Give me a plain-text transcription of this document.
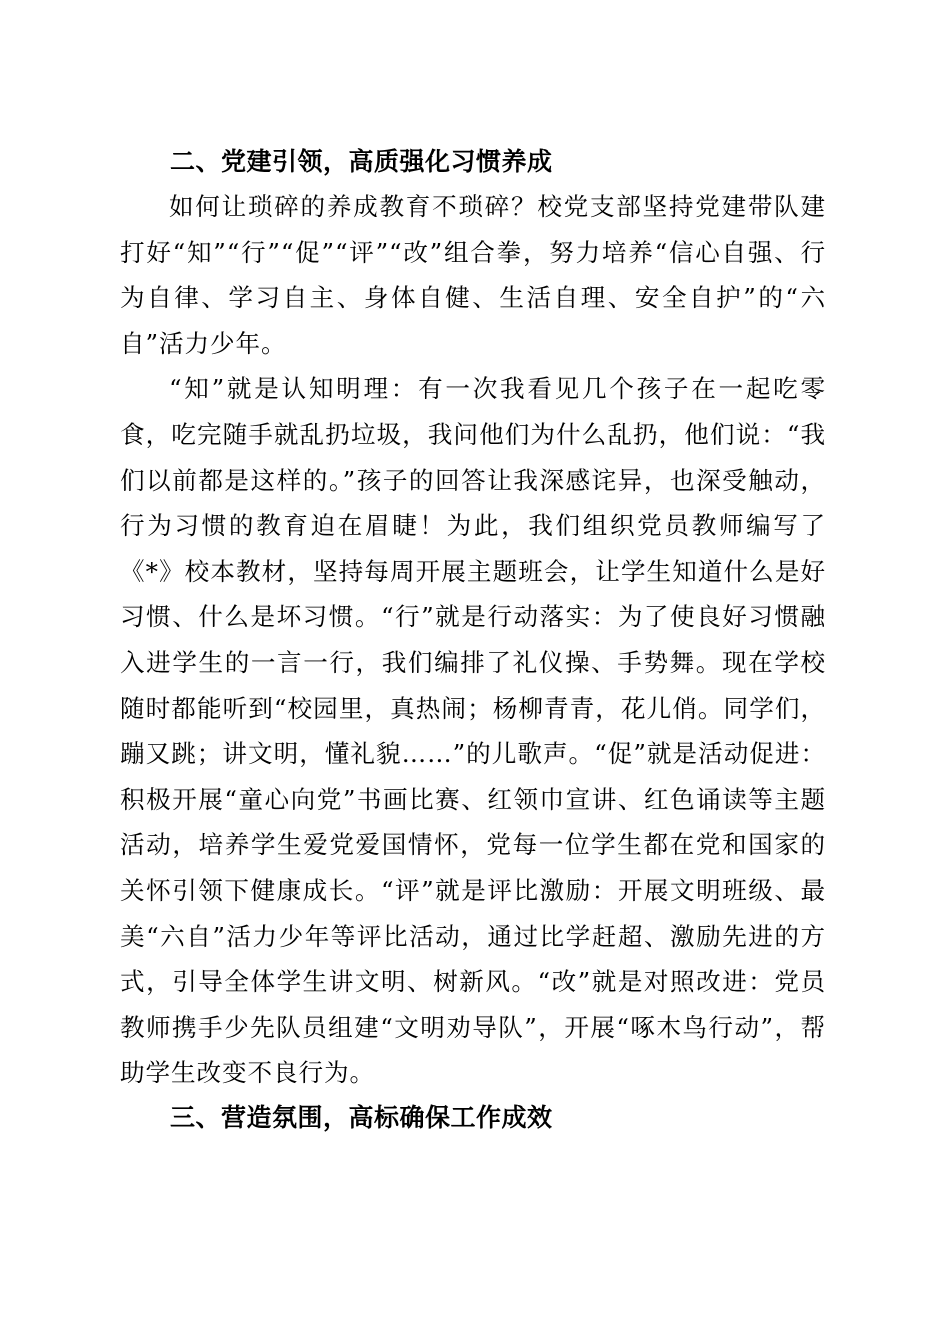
二、党建引领，高质强化习惯养成

如何让琐碎的养成教育不琐碎？校党支部坚持党建带队建打好“知”“行”“促”“评”“改”组合拳，努力培养“信心自强、行为自律、学习自主、身体自健、生活自理、安全自护”的“六自”活力少年。

“知”就是认知明理：有一次我看见几个孩子在一起吃零食，吃完随手就乱扔垃圾，我问他们为什么乱扔，他们说：“我们以前都是这样的。”孩子的回答让我深感诧异，也深受触动，行为习惯的教育迫在眉睫！为此，我们组织党员教师编写了《*》校本教材，坚持每周开展主题班会，让学生知道什么是好习惯、什么是坏习惯。“行”就是行动落实：为了使良好习惯融入进学生的一言一行，我们编排了礼仪操、手势舞。现在学校随时都能听到“校园里，真热闹；杨柳青青，花儿俏。同学们，蹦又跳；讲文明，懂礼貌……”的儿歌声。“促”就是活动促进：积极开展“童心向党”书画比赛、红领巾宣讲、红色诵读等主题活动，培养学生爱党爱国情怀，党每一位学生都在党和国家的关怀引领下健康成长。“评”就是评比激励：开展文明班级、最美“六自”活力少年等评比活动，通过比学赶超、激励先进的方式，引导全体学生讲文明、树新风。“改”就是对照改进：党员教师携手少先队员组建“文明劝导队”，开展“啄木鸟行动”，帮助学生改变不良行为。

三、营造氛围，高标确保工作成效
